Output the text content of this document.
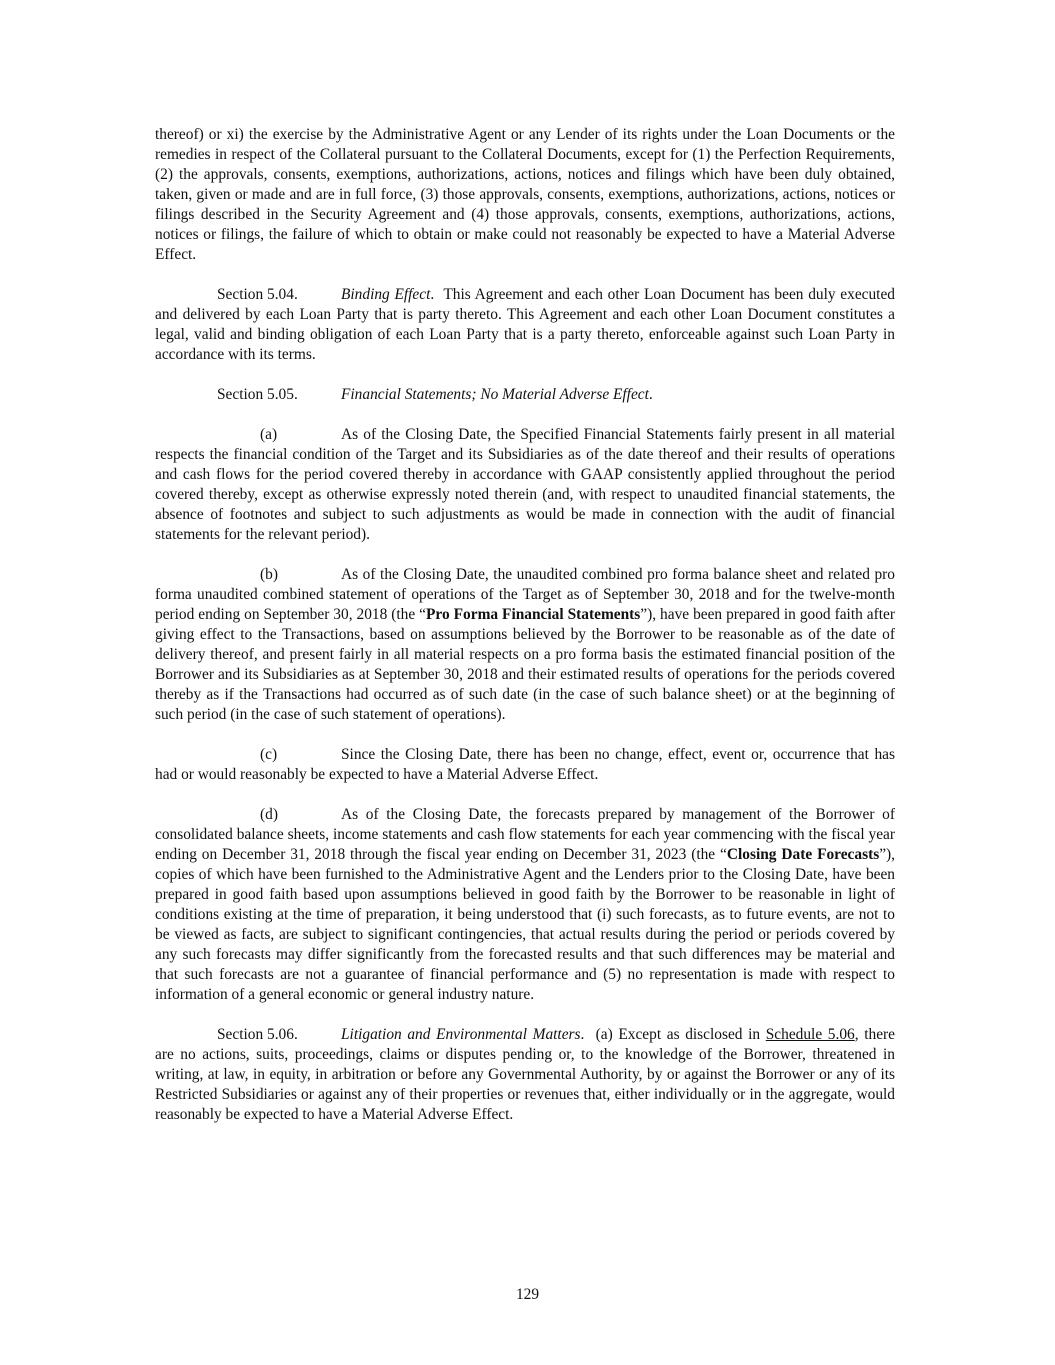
thereof) or xi) the exercise by the Administrative Agent or any Lender of its rights under the Loan Documents or the remedies in respect of the Collateral pursuant to the Collateral Documents, except for (1) the Perfection Requirements, (2) the approvals, consents, exemptions, authorizations, actions, notices and filings which have been duly obtained, taken, given or made and are in full force, (3) those approvals, consents, exemptions, authorizations, actions, notices or filings described in the Security Agreement and (4) those approvals, consents, exemptions, authorizations, actions, notices or filings, the failure of which to obtain or make could not reasonably be expected to have a Material Adverse Effect.

Section 5.04.	Binding Effect. This Agreement and each other Loan Document has been duly executed and delivered by each Loan Party that is party thereto. This Agreement and each other Loan Document constitutes a legal, valid and binding obligation of each Loan Party that is a party thereto, enforceable against such Loan Party in accordance with its terms.

Section 5.05.	Financial Statements; No Material Adverse Effect.

(a)	As of the Closing Date, the Specified Financial Statements fairly present in all material respects the financial condition of the Target and its Subsidiaries as of the date thereof and their results of operations and cash flows for the period covered thereby in accordance with GAAP consistently applied throughout the period covered thereby, except as otherwise expressly noted therein (and, with respect to unaudited financial statements, the absence of footnotes and subject to such adjustments as would be made in connection with the audit of financial statements for the relevant period).

(b)	As of the Closing Date, the unaudited combined pro forma balance sheet and related pro forma unaudited combined statement of operations of the Target as of September 30, 2018 and for the twelve-month period ending on September 30, 2018 (the “Pro Forma Financial Statements”), have been prepared in good faith after giving effect to the Transactions, based on assumptions believed by the Borrower to be reasonable as of the date of delivery thereof, and present fairly in all material respects on a pro forma basis the estimated financial position of the Borrower and its Subsidiaries as at September 30, 2018 and their estimated results of operations for the periods covered thereby as if the Transactions had occurred as of such date (in the case of such balance sheet) or at the beginning of such period (in the case of such statement of operations).

(c)	Since the Closing Date, there has been no change, effect, event or, occurrence that has had or would reasonably be expected to have a Material Adverse Effect.

(d)	As of the Closing Date, the forecasts prepared by management of the Borrower of consolidated balance sheets, income statements and cash flow statements for each year commencing with the fiscal year ending on December 31, 2018 through the fiscal year ending on December 31, 2023 (the “Closing Date Forecasts”), copies of which have been furnished to the Administrative Agent and the Lenders prior to the Closing Date, have been prepared in good faith based upon assumptions believed in good faith by the Borrower to be reasonable in light of conditions existing at the time of preparation, it being understood that (i) such forecasts, as to future events, are not to be viewed as facts, are subject to significant contingencies, that actual results during the period or periods covered by any such forecasts may differ significantly from the forecasted results and that such differences may be material and that such forecasts are not a guarantee of financial performance and (5) no representation is made with respect to information of a general economic or general industry nature.

Section 5.06.	Litigation and Environmental Matters. (a) Except as disclosed in Schedule 5.06, there are no actions, suits, proceedings, claims or disputes pending or, to the knowledge of the Borrower, threatened in writing, at law, in equity, in arbitration or before any Governmental Authority, by or against the Borrower or any of its Restricted Subsidiaries or against any of their properties or revenues that, either individually or in the aggregate, would reasonably be expected to have a Material Adverse Effect.

129
